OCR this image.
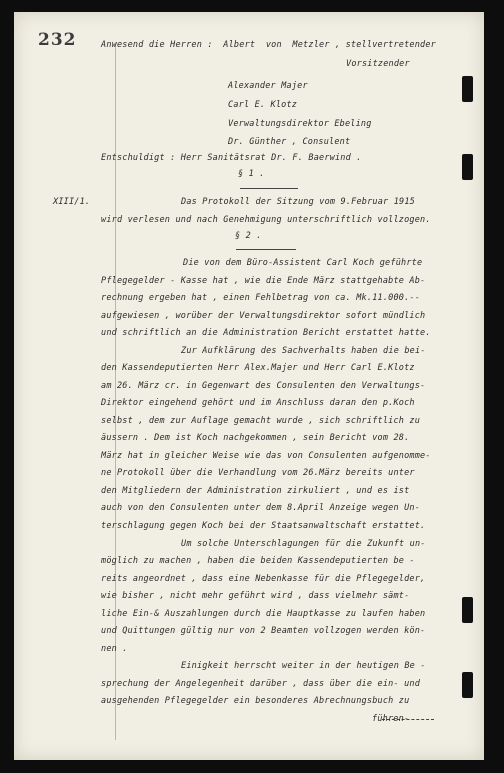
232	Anwesend die Herren :  Albert  von  Metzler , stellvertretender
Vorsitzender
Alexander Majer
Carl E. Klotz
Verwaltungsdirektor Ebeling
Dr. Günther , Consulent
Entschuldigt : Herr Sanitätsrat Dr. F. Baerwind .
§ 1 .
XIII/1.	Das Protokoll der Sitzung vom 9.Februar 1915
wird verlesen und nach Genehmigung unterschriftlich vollzogen.
§ 2 .
Die von dem Büro-Assistent Carl Koch geführte
Pflegegelder - Kasse hat , wie die Ende März stattgehabte Ab-
rechnung ergeben hat , einen Fehlbetrag von ca. Mk.11.000.--
aufgewiesen , worüber der Verwaltungsdirektor sofort mündlich
und schriftlich an die Administration Bericht erstattet hatte.
Zur Aufklärung des Sachverhalts haben die bei-
den Kassendeputierten Herr Alex.Majer und Herr Carl E.Klotz
am 26. März cr. in Gegenwart des Consulenten den Verwaltungs-
Direktor eingehend gehört und im Anschluss daran den p.Koch
selbst , dem zur Auflage gemacht wurde , sich schriftlich zu
äussern . Dem ist Koch nachgekommen , sein Bericht vom 28.
März hat in gleicher Weise wie das von Consulenten aufgenomme-
ne Protokoll über die Verhandlung vom 26.März bereits unter
den Mitgliedern der Administration zirkuliert , und es ist
auch von den Consulenten unter dem 8.April Anzeige wegen Un-
terschlagung gegen Koch bei der Staatsanwaltschaft erstattet.
Um solche Unterschlagungen für die Zukunft un-
möglich zu machen , haben die beiden Kassendeputierten be -
reits angeordnet , dass eine Nebenkasse für die Pflegegelder,
wie bisher , nicht mehr geführt wird , dass vielmehr sämt-
liche Ein-& Auszahlungen durch die Hauptkasse zu laufen haben
und Quittungen gültig nur von 2 Beamten vollzogen werden kön-
nen .
Einigkeit herrscht weiter in der heutigen Be -
sprechung der Angelegenheit darüber , dass über die ein- und
ausgehenden Pflegegelder ein besonderes Abrechnungsbuch zu
führen-
